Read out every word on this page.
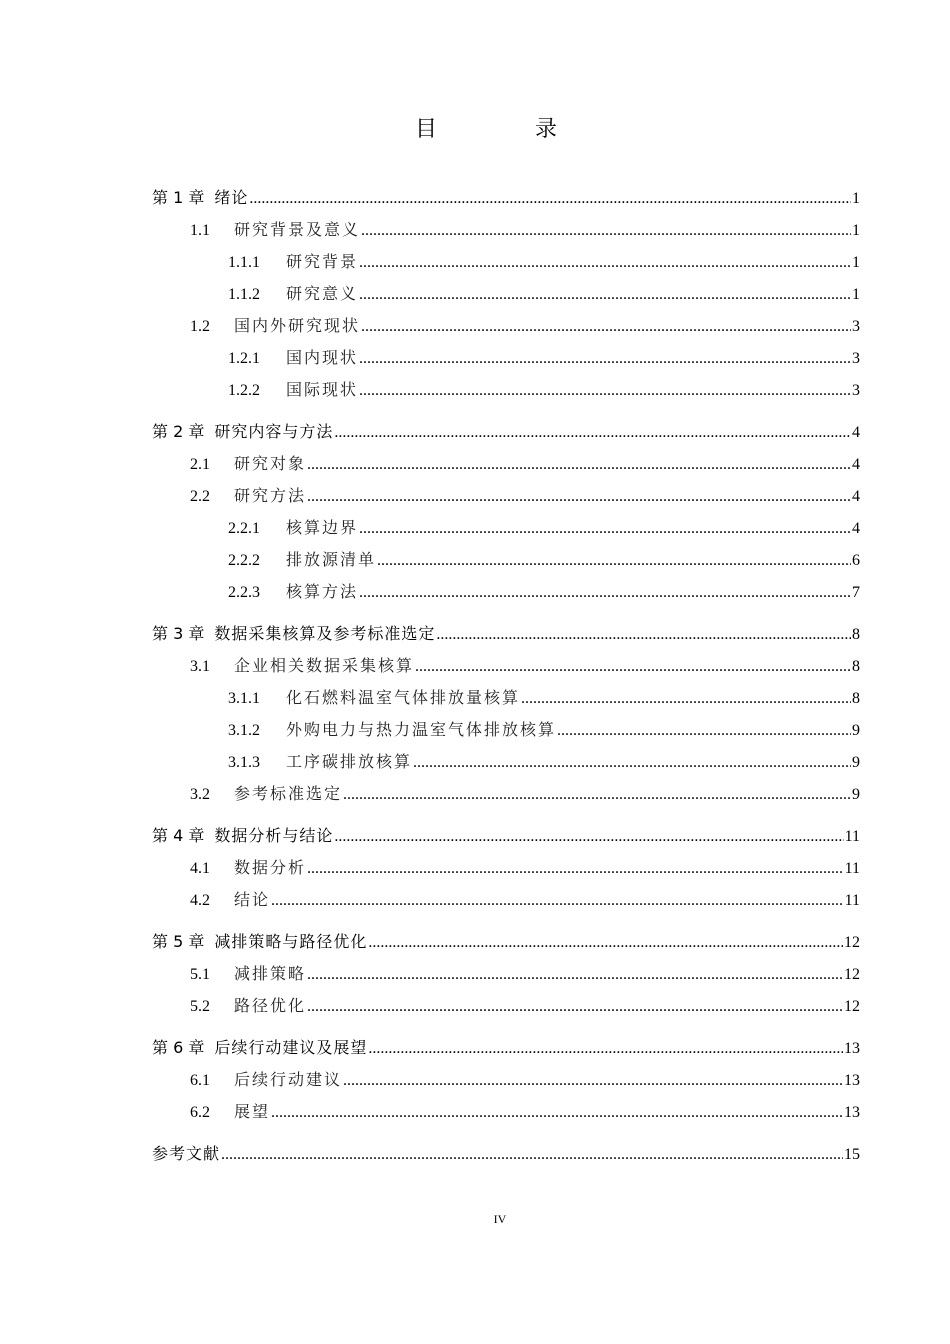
目　录
第 1 章 绪论 .....	1
1.1	研究背景及意义 .....	1
1.1.1	研究背景 .....	1
1.1.2	研究意义 .....	1
1.2	国内外研究现状 .....	3
1.2.1	国内现状 .....	3
1.2.2	国际现状 .....	3
第 2 章 研究内容与方法 .....	4
2.1	研究对象 .....	4
2.2	研究方法 .....	4
2.2.1	核算边界 .....	4
2.2.2	排放源清单 .....	6
2.2.3	核算方法 .....	7
第 3 章 数据采集核算及参考标准选定 .....	8
3.1	企业相关数据采集核算 .....	8
3.1.1	化石燃料温室气体排放量核算 .....	8
3.1.2	外购电力与热力温室气体排放核算 .....	9
3.1.3	工序碳排放核算 .....	9
3.2	参考标准选定 .....	9
第 4 章 数据分析与结论 .....	11
4.1	数据分析 .....	11
4.2	结论 .....	11
第 5 章 减排策略与路径优化 .....	12
5.1	减排策略 .....	12
5.2	路径优化 .....	12
第 6 章 后续行动建议及展望 .....	13
6.1	后续行动建议 .....	13
6.2	展望 .....	13
参考文献 .....	15
IV
